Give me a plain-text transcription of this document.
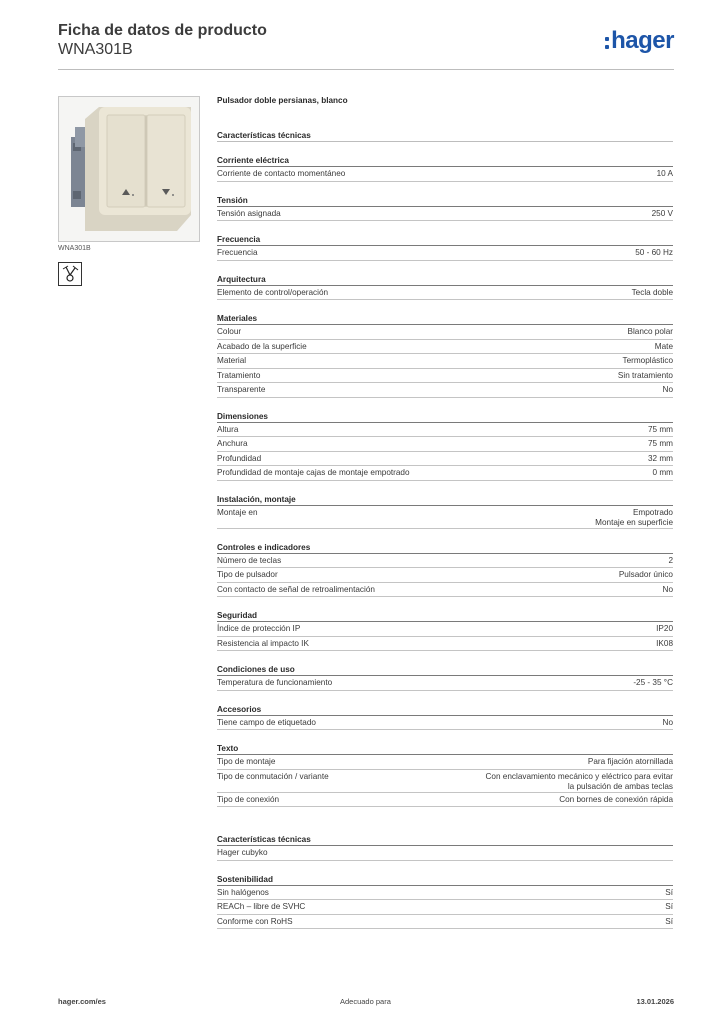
Ficha de datos de producto
WNA301B	hager
WNA301B
Pulsador doble persianas, blanco
Características técnicas
Corriente eléctrica
Corriente de contacto momentáneo	10 A
Tensión
Tensión asignada	250 V
Frecuencia
Frecuencia	50 - 60 Hz
Arquitectura
Elemento de control/operación	Tecla doble
Materiales
Colour	Blanco polar
Acabado de la superficie	Mate
Material	Termoplástico
Tratamiento	Sin tratamiento
Transparente	No
Dimensiones
Altura	75 mm
Anchura	75 mm
Profundidad	32 mm
Profundidad de montaje cajas de montaje empotrado	0 mm
Instalación, montaje
Montaje en	Empotrado
Montaje en superficie
Controles e indicadores
Número de teclas	2
Tipo de pulsador	Pulsador único
Con contacto de señal de retroalimentación	No
Seguridad
Índice de protección IP	IP20
Resistencia al impacto IK	IK08
Condiciones de uso
Temperatura de funcionamiento	-25 - 35 °C
Accesorios
Tiene campo de etiquetado	No
Texto
Tipo de montaje	Para fijación atornillada
Tipo de conmutación / variante	Con enclavamiento mecánico y eléctrico para evitar
la pulsación de ambas teclas
Tipo de conexión	Con bornes de conexión rápida
Características técnicas
Hager cubyko
Sostenibilidad
Sin halógenos	Sí
REACh – libre de SVHC	Sí
Conforme con RoHS	Sí
hager.com/es	Adecuado para	13.01.2026
